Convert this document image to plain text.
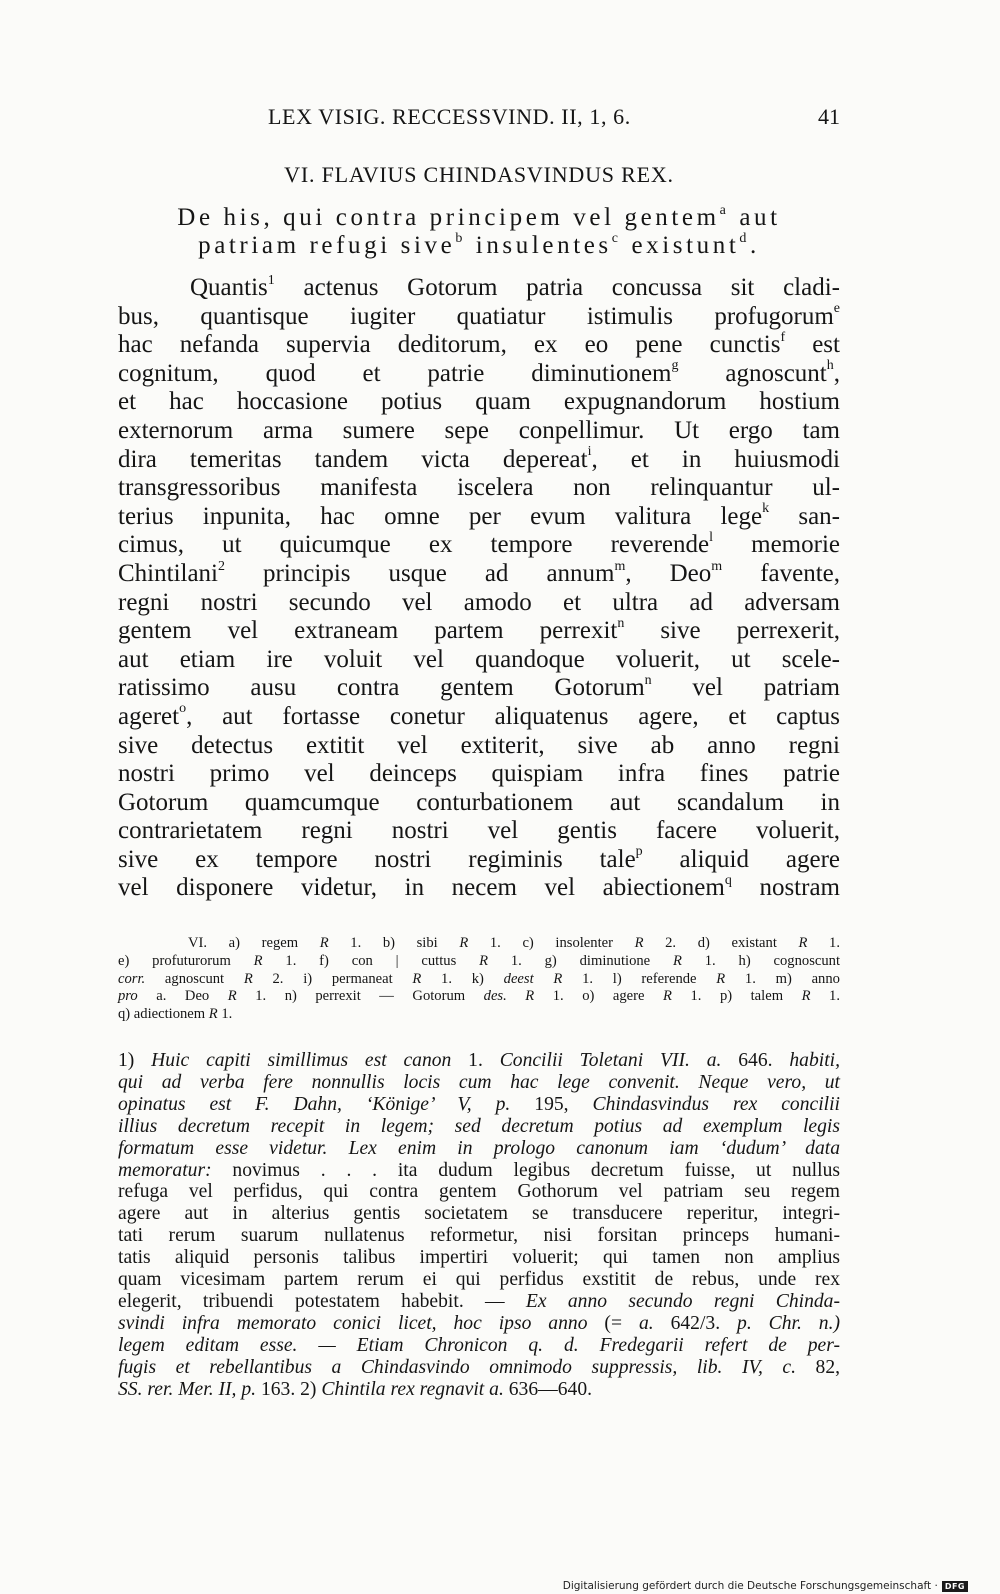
LEX VISIG. RECCESSVIND. II, 1, 6.	41
VI. FLAVIUS CHINDASVINDUS REX.
De his, qui contra principem vel gentem$^a$ aut
patriam refugi sive$^b$ insulentes$^c$ existunt$^d$.
Quantis$^1$ actenus Gotorum patria concussa sit cladi-
bus, quantisque iugiter quatiatur istimulis profugorum$^e$
hac nefanda supervia deditorum, ex eo pene cunctis$^f$ est
cognitum, quod et patrie diminutionem$^g$ agnoscunt$^h$,
et hac hoccasione potius quam expugnandorum hostium
externorum arma sumere sepe conpellimur. Ut ergo tam
dira temeritas tandem victa depereat$^i$, et in huiusmodi
transgressoribus manifesta iscelera non relinquantur ul-
terius inpunita, hac omne per evum valitura lege$^k$ san-
cimus, ut quicumque ex tempore reverende$^l$ memorie
Chintilani$^2$ principis usque ad annum$^m$, Deo$^m$ favente,
regni nostri secundo vel amodo et ultra ad adversam
gentem vel extraneam partem perrexit$^n$ sive perrexerit,
aut etiam ire voluit vel quandoque voluerit, ut scele-
ratissimo ausu contra gentem Gotorum$^n$ vel patriam
ageret$^o$, aut fortasse conetur aliquatenus agere, et captus
sive detectus extitit vel extiterit, sive ab anno regni
nostri primo vel deinceps quispiam infra fines patrie
Gotorum quamcumque conturbationem aut scandalum in
contrarietatem regni nostri vel gentis facere voluerit,
sive ex tempore nostri regiminis tale$^p$ aliquid agere
vel disponere videtur, in necem vel abiectionem$^q$ nostram
VI. a) regem R 1. b) sibi R 1. c) insolenter R 2. d) existant R 1.
e) profuturorum R 1. f) con | cuttus R 1. g) diminutione R 1. h) cognoscunt
corr. agnoscunt R 2. i) permaneat R 1. k) deest R 1. l) referende R 1. m) anno
pro a. Deo R 1. n) perrexit — Gotorum des. R 1. o) agere R 1. p) talem R 1.
q) adiectionem R 1.
1) Huic capiti simillimus est canon 1. Concilii Toletani VII. a. 646. habiti,
qui ad verba fere nonnullis locis cum hac lege convenit. Neque vero, ut
opinatus est F. Dahn, ‘Könige’ V, p. 195, Chindasvindus rex concilii
illius decretum recepit in legem; sed decretum potius ad exemplum legis
formatum esse videtur. Lex enim in prologo canonum iam ‘dudum’ data
memoratur: novimus . . . ita dudum legibus decretum fuisse, ut nullus
refuga vel perfidus, qui contra gentem Gothorum vel patriam seu regem
agere aut in alterius gentis societatem se transducere reperitur, integri-
tati rerum suarum nullatenus reformetur, nisi forsitan princeps humani-
tatis aliquid personis talibus impertiri voluerit; qui tamen non amplius
quam vicesimam partem rerum ei qui perfidus exstitit de rebus, unde rex
elegerit, tribuendi potestatem habebit. — Ex anno secundo regni Chinda-
svindi infra memorato conici licet, hoc ipso anno (= a. 642/3. p. Chr. n.)
legem editam esse. — Etiam Chronicon q. d. Fredegarii refert de per-
fugis et rebellantibus a Chindasvindo omnimodo suppressis, lib. IV, c. 82,
SS. rer. Mer. II, p. 163. 2) Chintila rex regnavit a. 636—640.
Digitalisierung gefördert durch die Deutsche Forschungsgemeinschaft · DFG
